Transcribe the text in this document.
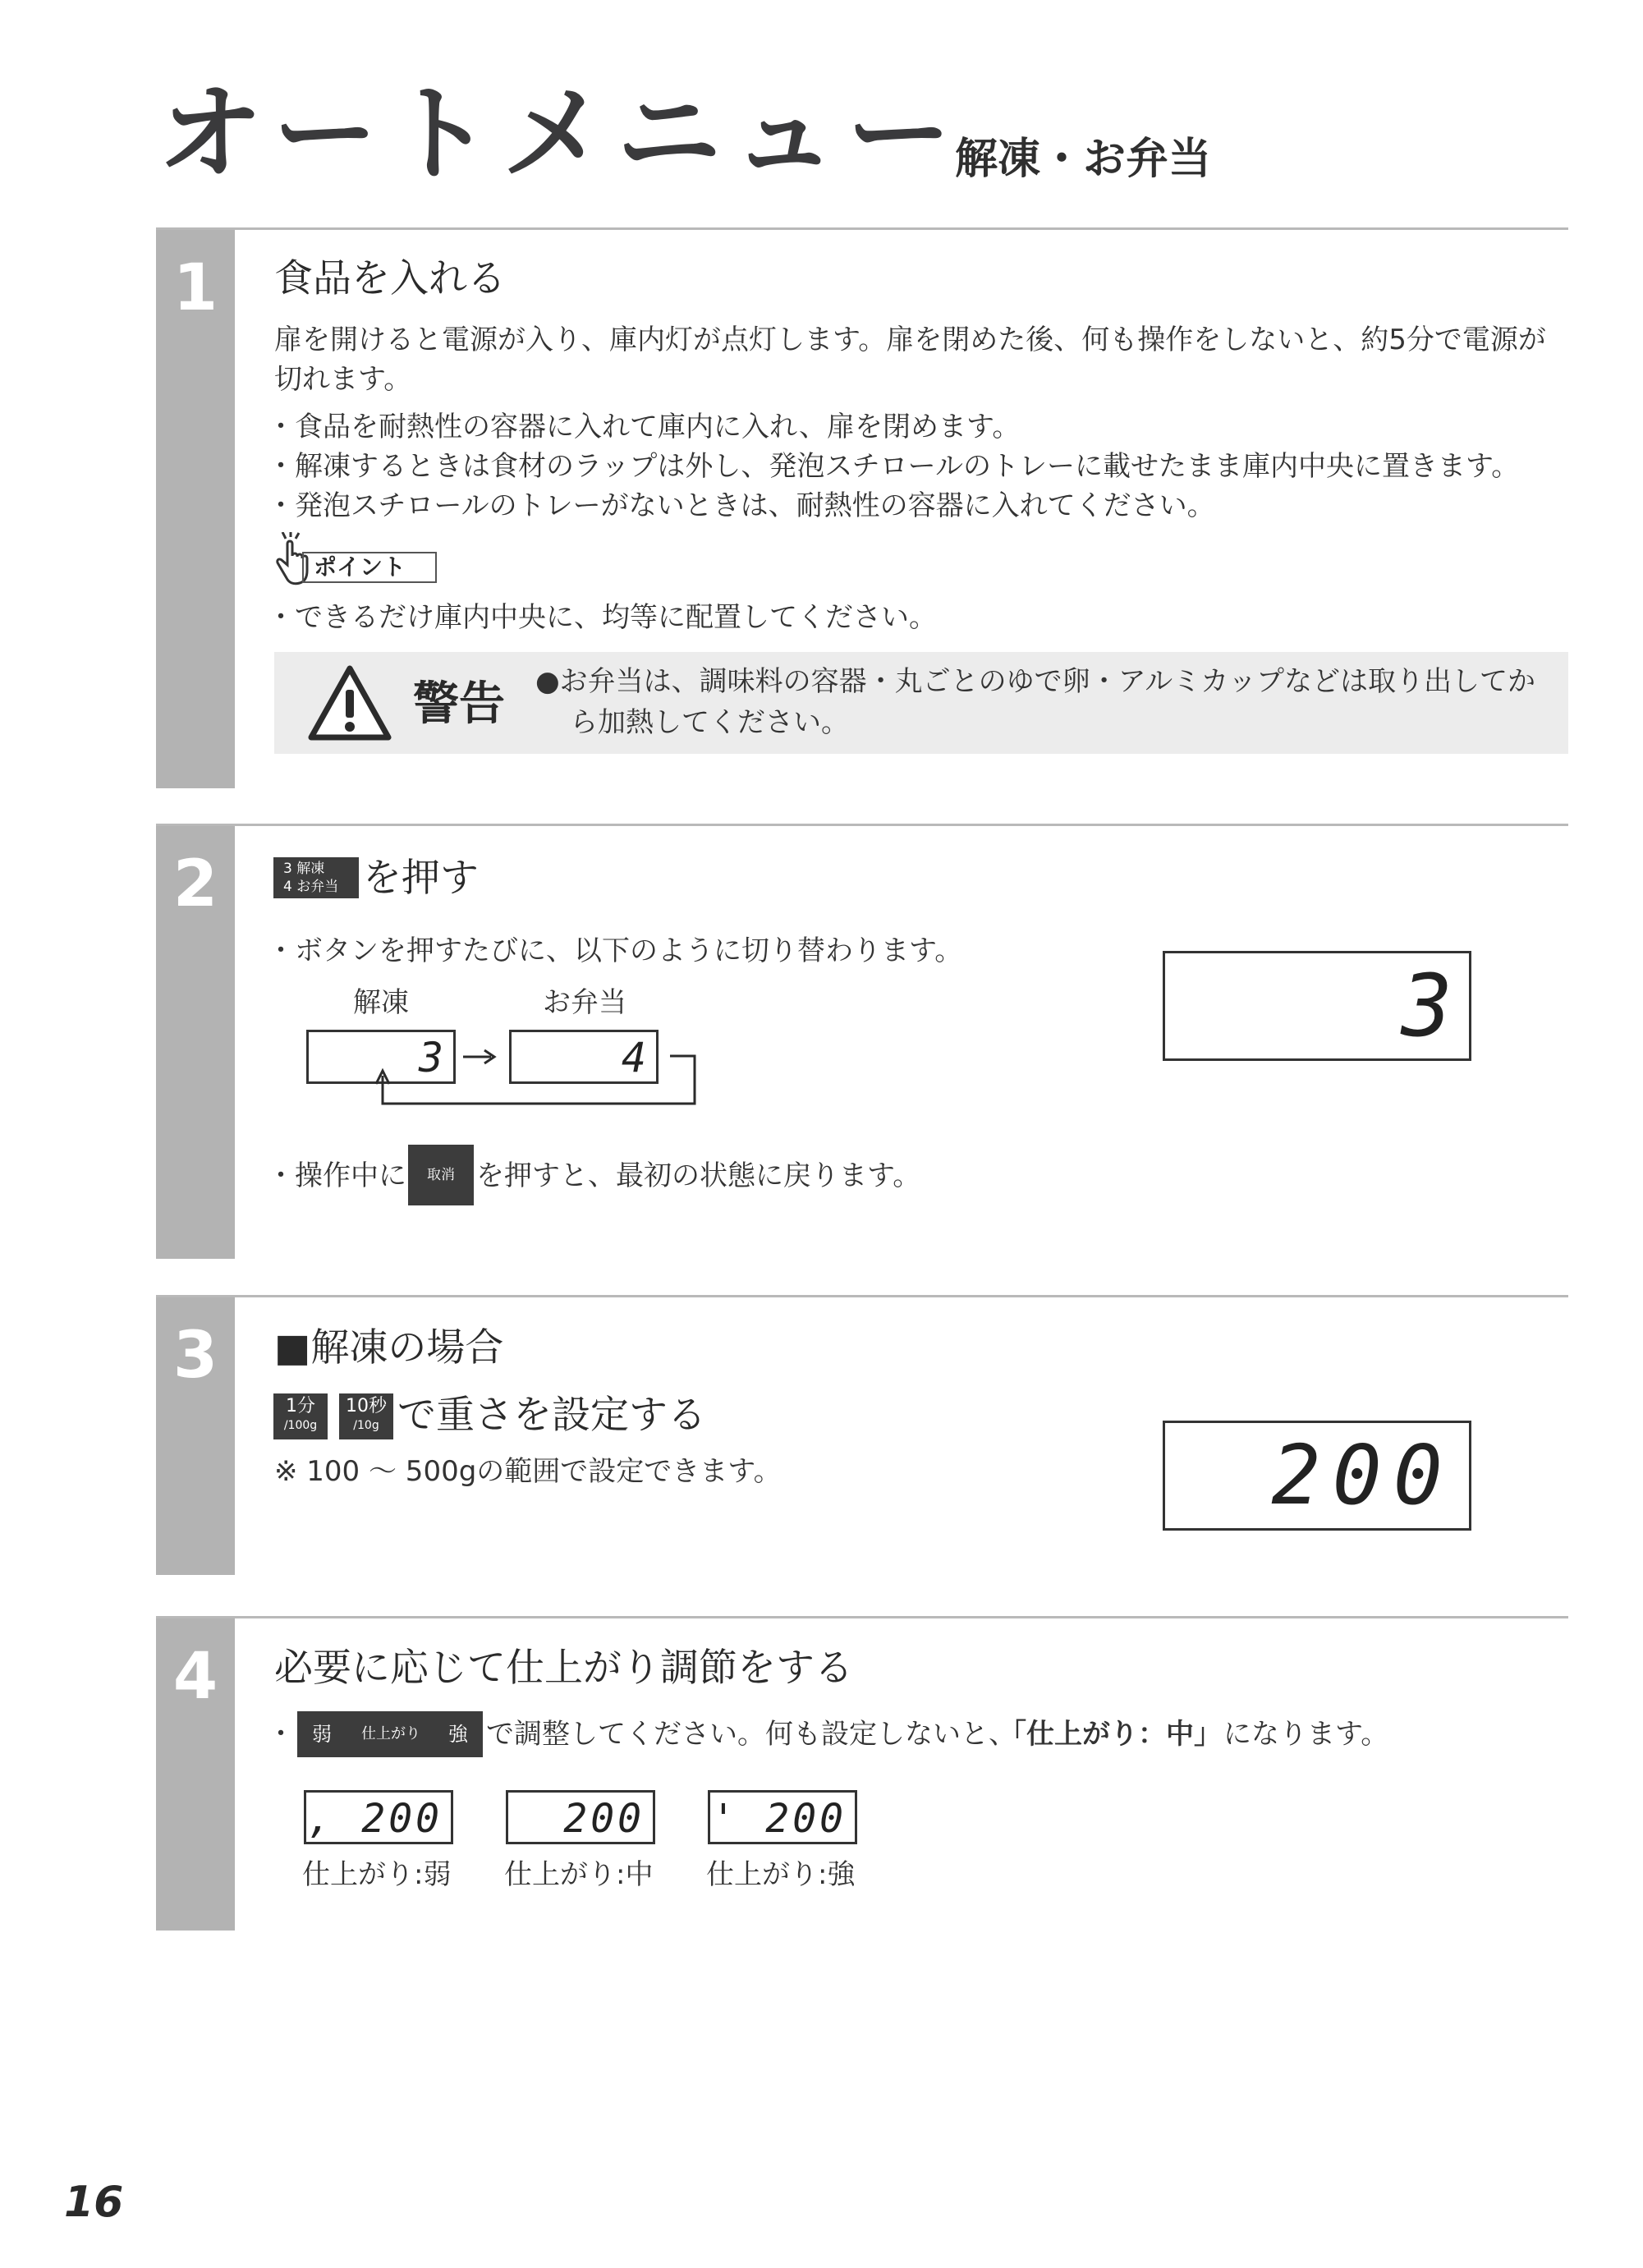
オートメニュー
解凍・お弁当
1	食品を入れる
扉を開けると電源が入り、庫内灯が点灯します。扉を閉めた後、何も操作をしないと、約5分で電源が
切れます。
・ 食品を耐熱性の容器に入れて庫内に入れ、扉を閉めます。
・ 解凍するときは食材のラップは外し、発泡スチロールのトレーに載せたまま庫内中央に置きます。
・ 発泡スチロールのトレーがないときは、耐熱性の容器に入れてください。
ポイント
・ できるだけ庫内中央に、均等に配置してください。
警告 ●お弁当は、調味料の容器・丸ごとのゆで卵・アルミカップなどは取り出してか
ら加熱してください。
2	3 解凍
4 お弁当 を押す
・ ボタンを押すたびに、以下のように切り替わります。
解凍	お弁当
3	4
3
・ 操作中に	取消 を押すと、最初の状態に戻ります。
3	■解凍の場合
1分
/100g
10秒
/10g で重さを設定する
※ 100 ～ 500gの範囲で設定できます。	200
4	必要に応じて仕上がり調節をする
・ 弱 仕上がり 強 で調整してください。何も設定しないと、
「仕上がり：中」 になります。
, 200	200 ' 200
仕上がり:弱 仕上がり:中 仕上がり:強
16
